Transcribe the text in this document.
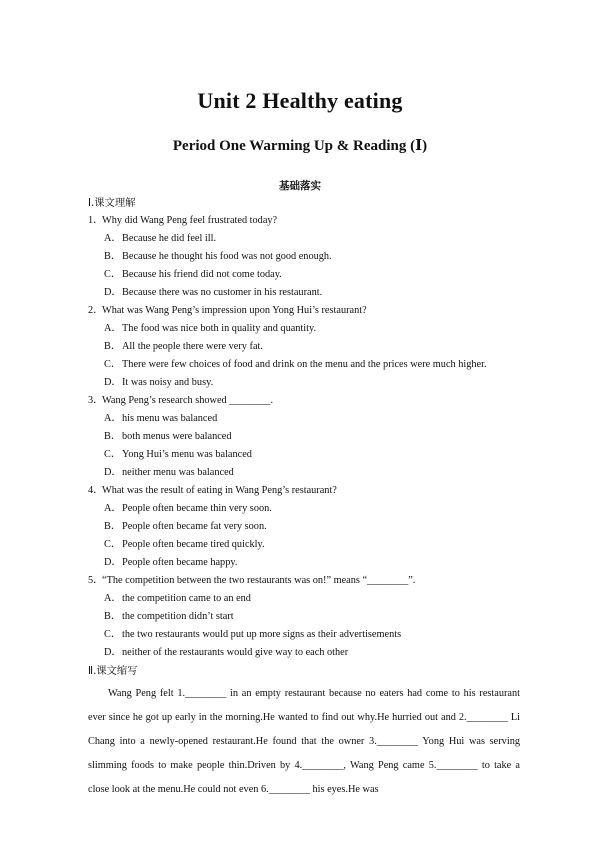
Unit 2 Healthy eating
Period One Warming Up & Reading (Ⅰ)
基础落实
Ⅰ.课文理解
1．Why did Wang Peng feel frustrated today?
A．Because he did feel ill.
B．Because he thought his food was not good enough.
C．Because his friend did not come today.
D．Because there was no customer in his restaurant.
2．What was Wang Peng’s impression upon Yong Hui’s restaurant?
A．The food was nice both in quality and quantity.
B．All the people there were very fat.
C．There were few choices of food and drink on the menu and the prices were much higher.
D．It was noisy and busy.
3．Wang Peng’s research showed ________.
A．his menu was balanced
B．both menus were balanced
C．Yong Hui’s menu was balanced
D．neither menu was balanced
4．What was the result of eating in Wang Peng’s restaurant?
A．People often became thin very soon.
B．People often became fat very soon.
C．People often became tired quickly.
D．People often became happy.
5．“The competition between the two restaurants was on!” means “________”.
A．the competition came to an end
B．the competition didn’t start
C．the two restaurants would put up more signs as their advertisements
D．neither of the restaurants would give way to each other
Ⅱ.课文缩写
Wang Peng felt 1.________ in an empty restaurant because no eaters had come to his restaurant ever since he got up early in the morning.He wanted to find out why.He hurried out and 2.________ Li Chang into a newly-opened restaurant.He found that the owner 3.________ Yong Hui was serving slimming foods to make people thin.Driven by 4.________, Wang Peng came 5.________ to take a close look at the menu.He could not even 6.________ his eyes.He was
